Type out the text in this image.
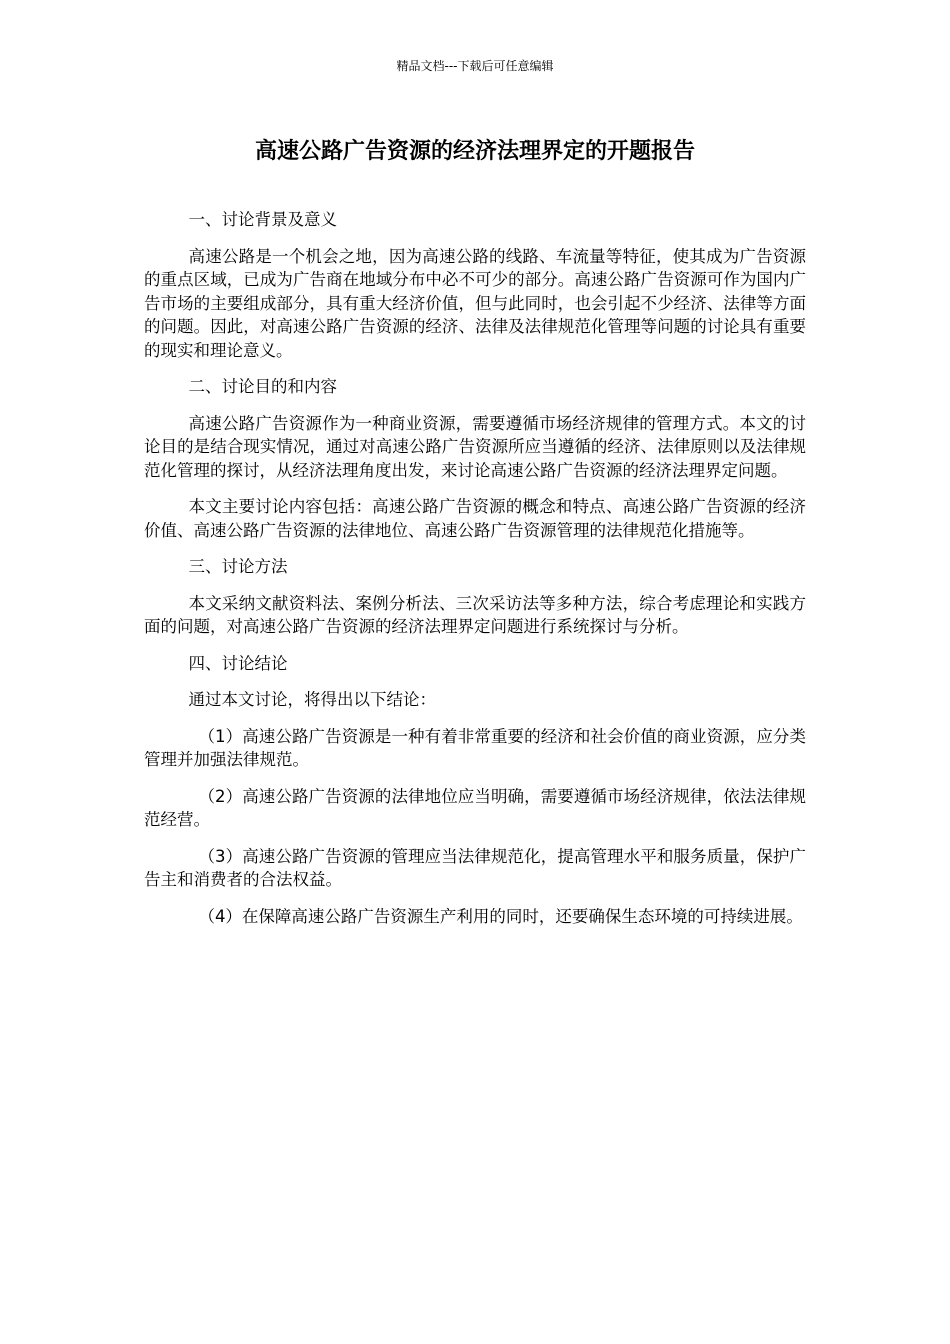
精品文档---下载后可任意编辑
高速公路广告资源的经济法理界定的开题报告

一、讨论背景及意义

高速公路是一个机会之地，因为高速公路的线路、车流量等特征，使其成为广告资源的重点区域，已成为广告商在地域分布中必不可少的部分。高速公路广告资源可作为国内广告市场的主要组成部分，具有重大经济价值，但与此同时，也会引起不少经济、法律等方面的问题。因此，对高速公路广告资源的经济、法律及法律规范化管理等问题的讨论具有重要的现实和理论意义。

二、讨论目的和内容

高速公路广告资源作为一种商业资源，需要遵循市场经济规律的管理方式。本文的讨论目的是结合现实情况，通过对高速公路广告资源所应当遵循的经济、法律原则以及法律规范化管理的探讨，从经济法理角度出发，来讨论高速公路广告资源的经济法理界定问题。

本文主要讨论内容包括：高速公路广告资源的概念和特点、高速公路广告资源的经济价值、高速公路广告资源的法律地位、高速公路广告资源管理的法律规范化措施等。

三、讨论方法

本文采纳文献资料法、案例分析法、三次采访法等多种方法，综合考虑理论和实践方面的问题，对高速公路广告资源的经济法理界定问题进行系统探讨与分析。

四、讨论结论

通过本文讨论，将得出以下结论：

（1）高速公路广告资源是一种有着非常重要的经济和社会价值的商业资源，应分类管理并加强法律规范。

（2）高速公路广告资源的法律地位应当明确，需要遵循市场经济规律，依法法律规范经营。

（3）高速公路广告资源的管理应当法律规范化，提高管理水平和服务质量，保护广告主和消费者的合法权益。

（4）在保障高速公路广告资源生产利用的同时，还要确保生态环境的可持续进展。
